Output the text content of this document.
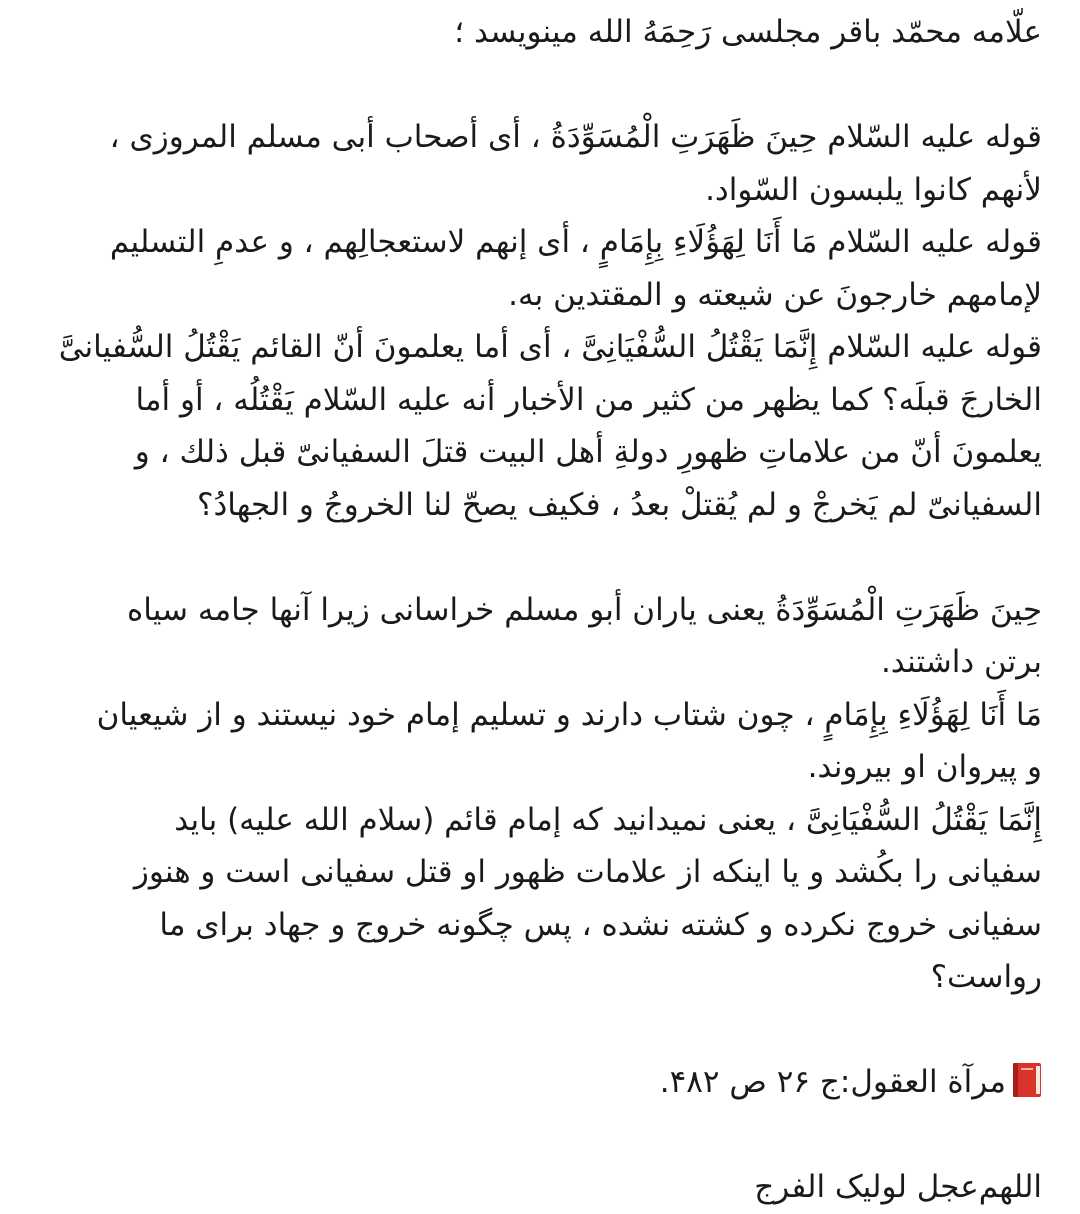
علّامه محمّد باقر مجلسی رَحِمَهُ الله مینویسد ؛
قوله علیه السّلام حِینَ ظَهَرَتِ الْمُسَوِّدَةُ ، أی أصحاب أبی مسلم المروزی ،
لأنهم کانوا یلبسون السّواد.
قوله علیه السّلام مَا أَنَا لِهَؤُلَاءِ بِإِمَامٍ ، أی إنهم لاستعجالِهم ، و عدمِ التسلیم
لإمامهم خارجونَ عن شیعته و المقتدین به.
قوله علیه السّلام إِنَّمَا یَقْتُلُ السُّفْیَانِیَّ ، أی أما یعلمونَ أنّ القائم یَقْتُلُ السُّفیانیَّ
الخارجَ قبلَه؟ کما یظهر من کثیر من الأخبار أنه علیه السّلام یَقْتُلُه ، أو أما
یعلمونَ أنّ من علاماتِ ظهورِ دولةِ أهل البیت قتلَ السفیانیّ قبل ذلك ، و
السفیانیّ لم یَخرجْ و لم یُقتلْ بعدُ ، فکیف یصحّ لنا الخروجُ و الجهادُ؟
حِینَ ظَهَرَتِ الْمُسَوِّدَةُ یعنی یاران أبو مسلم خراسانی زیرا آنها جامه سیاه
برتن داشتند.
مَا أَنَا لِهَؤُلَاءِ بِإِمَامٍ ، چون شتاب دارند و تسلیم إمام خود نیستند و از شیعیان
و پیروان او بیروند.
إِنَّمَا یَقْتُلُ السُّفْیَانِیَّ ، یعنی نمیدانید که إمام قائم (سلام الله علیه) باید
سفیانی را بکُشد و یا اینکه از علامات ظهور او قتل سفیانی است و هنوز
سفیانی خروج نکرده و کشته نشده ، پس چگونه خروج و جهاد برای ما
رواست؟
مرآة العقول:ج ۲۶ ص ۴۸۲.
اللهم‌عجل لولیک الفرج
